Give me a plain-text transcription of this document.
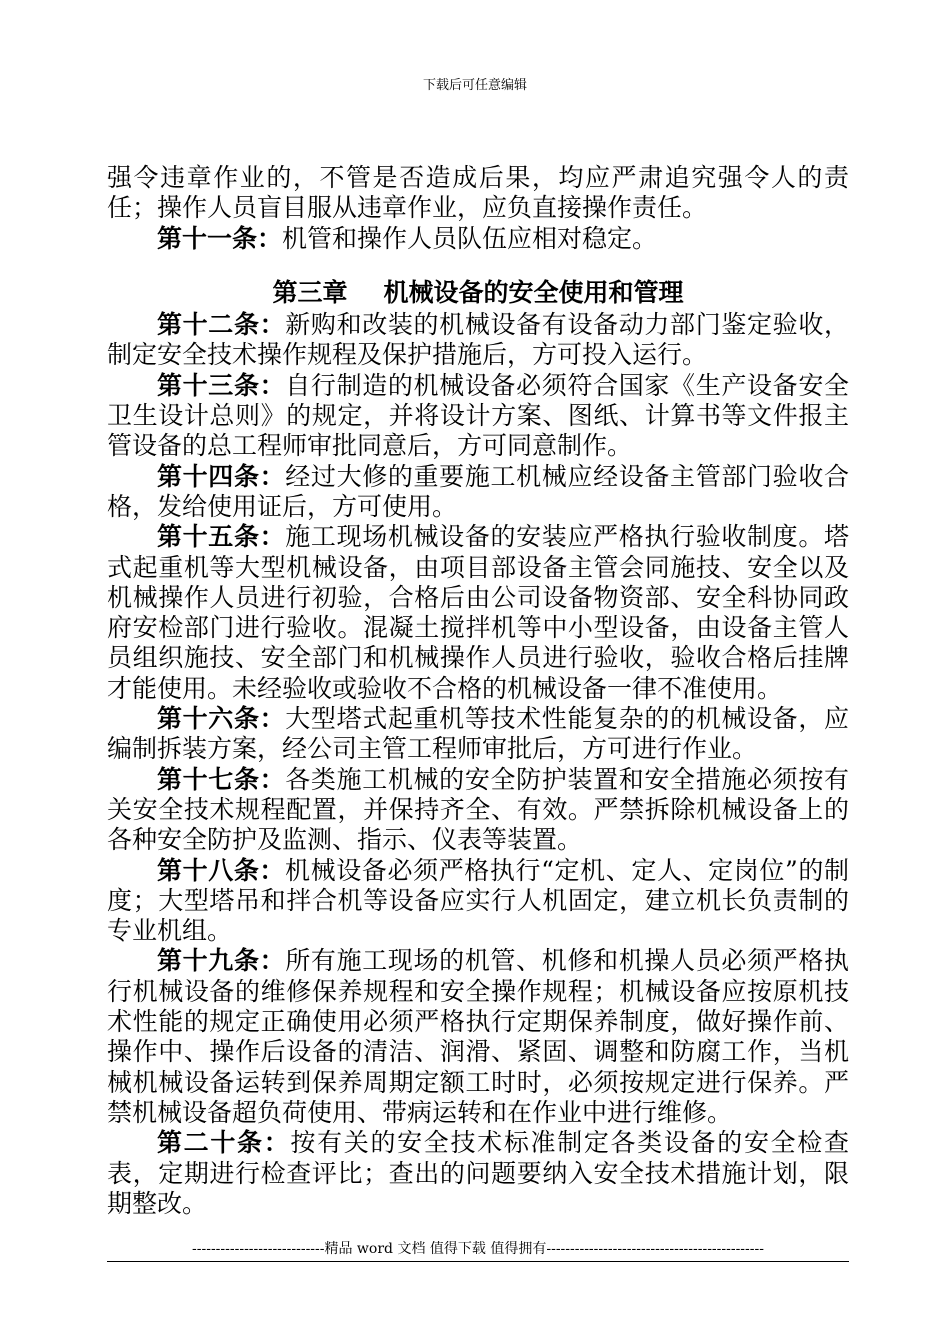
下载后可任意编辑

强令违章作业的，不管是否造成后果，均应严肃追究强令人的责任；操作人员盲目服从违章作业，应负直接操作责任。

第十一条：机管和操作人员队伍应相对稳定。

第三章 机械设备的安全使用和管理

第十二条：新购和改装的机械设备有设备动力部门鉴定验收，制定安全技术操作规程及保护措施后，方可投入运行。

第十三条：自行制造的机械设备必须符合国家《生产设备安全卫生设计总则》的规定，并将设计方案、图纸、计算书等文件报主管设备的总工程师审批同意后，方可同意制作。

第十四条：经过大修的重要施工机械应经设备主管部门验收合格，发给使用证后，方可使用。

第十五条：施工现场机械设备的安装应严格执行验收制度。塔式起重机等大型机械设备，由项目部设备主管会同施技、安全以及机械操作人员进行初验，合格后由公司设备物资部、安全科协同政府安检部门进行验收。混凝土搅拌机等中小型设备，由设备主管人员组织施技、安全部门和机械操作人员进行验收，验收合格后挂牌才能使用。未经验收或验收不合格的机械设备一律不准使用。

第十六条：大型塔式起重机等技术性能复杂的的机械设备，应编制拆装方案，经公司主管工程师审批后，方可进行作业。

第十七条：各类施工机械的安全防护装置和安全措施必须按有关安全技术规程配置，并保持齐全、有效。严禁拆除机械设备上的各种安全防护及监测、指示、仪表等装置。

第十八条：机械设备必须严格执行“定机、定人、定岗位”的制度；大型塔吊和拌合机等设备应实行人机固定，建立机长负责制的专业机组。

第十九条：所有施工现场的机管、机修和机操人员必须严格执行机械设备的维修保养规程和安全操作规程；机械设备应按原机技术性能的规定正确使用必须严格执行定期保养制度，做好操作前、操作中、操作后设备的清洁、润滑、紧固、调整和防腐工作，当机械机械设备运转到保养周期定额工时时，必须按规定进行保养。严禁机械设备超负荷使用、带病运转和在作业中进行维修。

第二十条：按有关的安全技术标准制定各类设备的安全检查表，定期进行检查评比；查出的问题要纳入安全技术措施计划，限期整改。

----------------------------精品 word 文档 值得下载 值得拥有----------------------------------------------
